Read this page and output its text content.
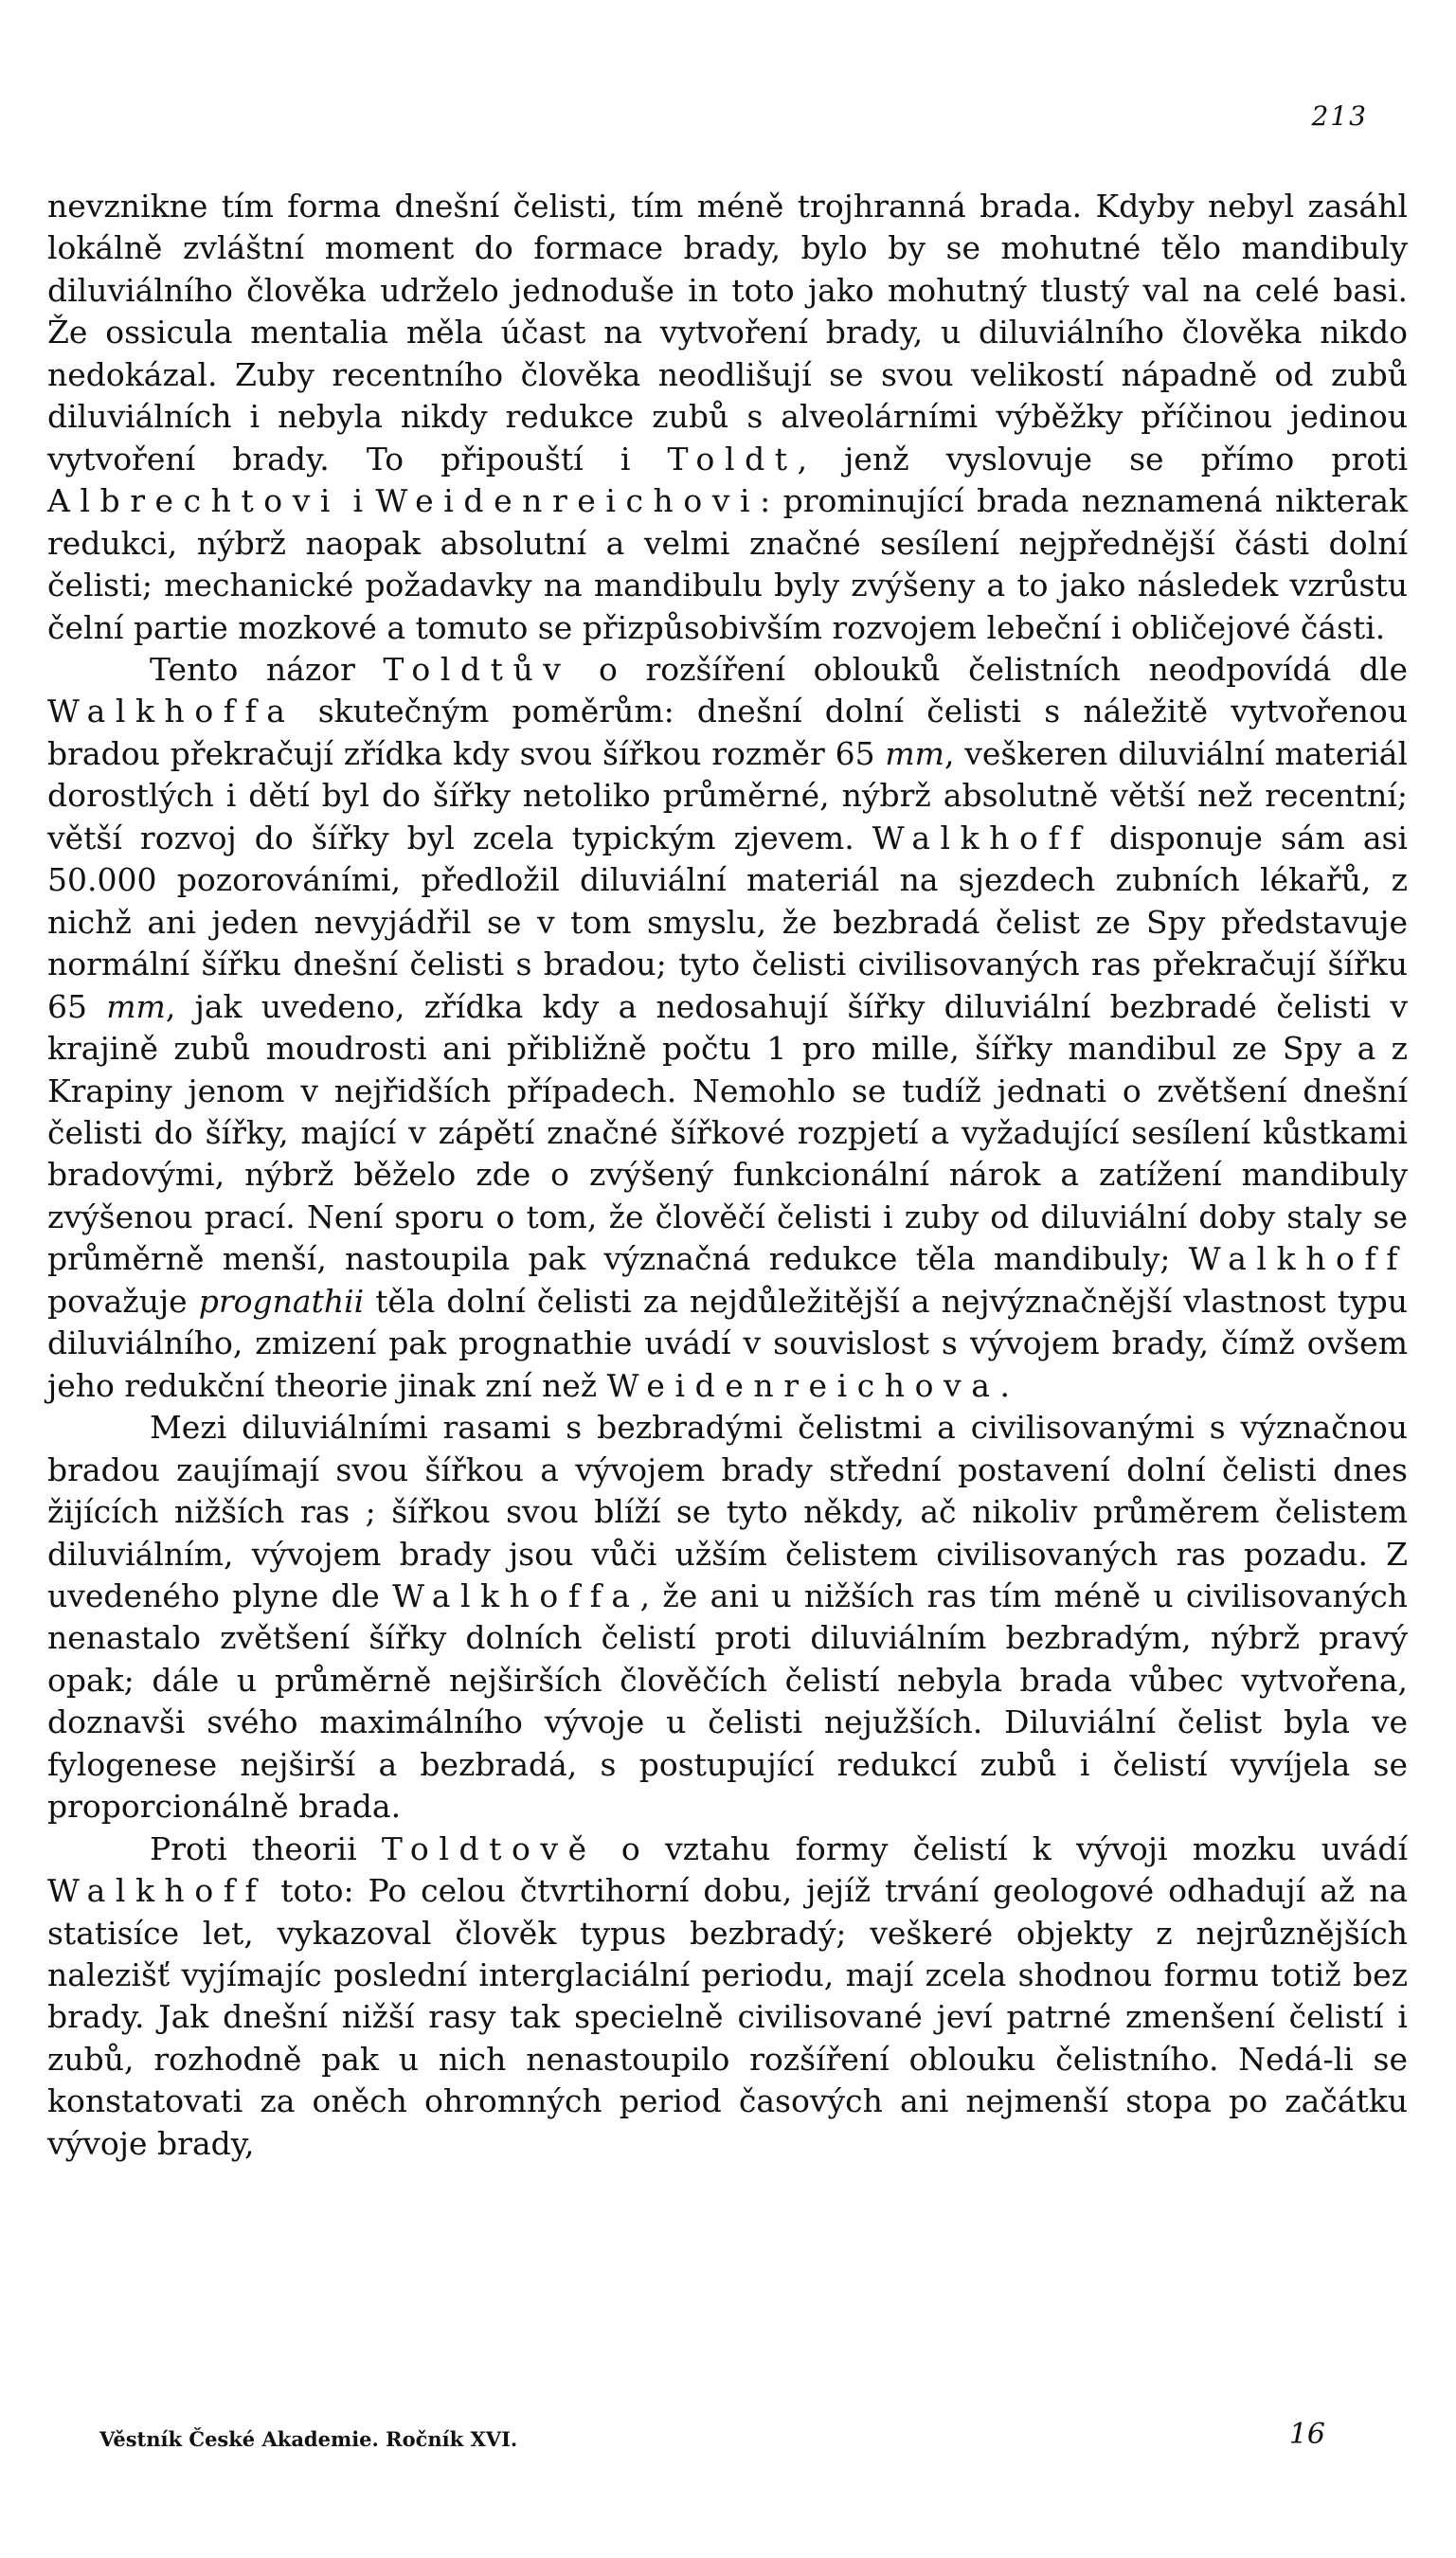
213

nevznikne tím forma dnešní čelisti, tím méně trojhranná brada. Kdyby nebyl zasáhl lokálně zvláštní moment do formace brady, bylo by se mohutné tělo mandibuly diluviálního člověka udrželo jednoduše in toto jako mohutný tlustý val na celé basi. Že ossicula mentalia měla účast na vytvoření brady, u diluviálního člověka nikdo nedokázal. Zuby recentního člověka neodlišují se svou velikostí nápadně od zubů diluviálních i nebyla nikdy redukce zubů s alveolárními výběžky příčinou jedinou vytvoření brady. To připouští i Toldt, jenž vyslovuje se přímo proti Albrechtovi i Weidenreichovi: prominující brada neznamená nikterak redukci, nýbrž naopak absolutní a velmi značné sesílení nejpřednější části dolní čelisti; mechanické požadavky na mandibulu byly zvýšeny a to jako následek vzrůstu čelní partie mozkové a tomuto se přizpůsobivším rozvojem lebeční i obličejové části.

Tento názor Toldtův o rozšíření oblouků čelistních neodpovídá dle Walkhoffa skutečným poměrům: dnešní dolní čelisti s náležitě vytvořenou bradou překračují zřídka kdy svou šířkou rozměr 65 mm, veškeren diluviální materiál dorostlých i dětí byl do šířky netoliko průměrné, nýbrž absolutně větší než recentní; větší rozvoj do šířky byl zcela typickým zjevem. Walkhoff disponuje sám asi 50.000 pozorováními, předložil diluviální materiál na sjezdech zubních lékařů, z nichž ani jeden nevyjádřil se v tom smyslu, že bezbradá čelist ze Spy představuje normální šířku dnešní čelisti s bradou; tyto čelisti civilisovaných ras překračují šířku 65 mm, jak uvedeno, zřídka kdy a nedosahují šířky diluviální bezbradé čelisti v krajině zubů moudrosti ani přibližně počtu 1 pro mille, šířky mandibul ze Spy a z Krapiny jenom v nejřidších případech. Nemohlo se tudíž jednati o zvětšení dnešní čelisti do šířky, mající v zápětí značné šířkové rozpjetí a vyžadující sesílení kůstkami bradovými, nýbrž běželo zde o zvýšený funkcionální nárok a zatížení mandibuly zvýšenou prací. Není sporu o tom, že člověčí čelisti i zuby od diluviální doby staly se průměrně menší, nastoupila pak význačná redukce těla mandibuly; Walkhoff považuje prognathii těla dolní čelisti za nejdůležitější a nejvýznačnější vlastnost typu diluviálního, zmizení pak prognathie uvádí v souvislost s vývojem brady, čímž ovšem jeho redukční theorie jinak zní než Weidenreichova.

Mezi diluviálními rasami s bezbradými čelistmi a civilisovanými s význačnou bradou zaujímají svou šířkou a vývojem brady střední postavení dolní čelisti dnes žijících nižších ras ; šířkou svou blíží se tyto někdy, ač nikoliv průměrem čelistem diluviálním, vývojem brady jsou vůči užším čelistem civilisovaných ras pozadu. Z uvedeného plyne dle Walkhoffa, že ani u nižších ras tím méně u civilisovaných nenastalo zvětšení šířky dolních čelistí proti diluviálním bezbradým, nýbrž pravý opak; dále u průměrně nejširších člověčích čelistí nebyla brada vůbec vytvořena, doznavši svého maximálního vývoje u čelisti nejužších. Diluviální čelist byla ve fylogenese nejširší a bezbradá, s postupující redukcí zubů i čelistí vyvíjela se proporcionálně brada.

Proti theorii Toldtově o vztahu formy čelistí k vývoji mozku uvádí Walkhoff toto: Po celou čtvrtihorní dobu, jejíž trvání geologové odhadují až na statisíce let, vykazoval člověk typus bezbradý; veškeré objekty z nejrůznějších nalezišť vyjímajíc poslední interglaciální periodu, mají zcela shodnou formu totiž bez brady. Jak dnešní nižší rasy tak specielně civilisované jeví patrné zmenšení čelistí i zubů, rozhodně pak u nich nenastoupilo rozšíření oblouku čelistního. Nedá-li se konstatovati za oněch ohromných period časových ani nejmenší stopa po začátku vývoje brady,

Věstník České Akademie. Ročník XVI.	16
